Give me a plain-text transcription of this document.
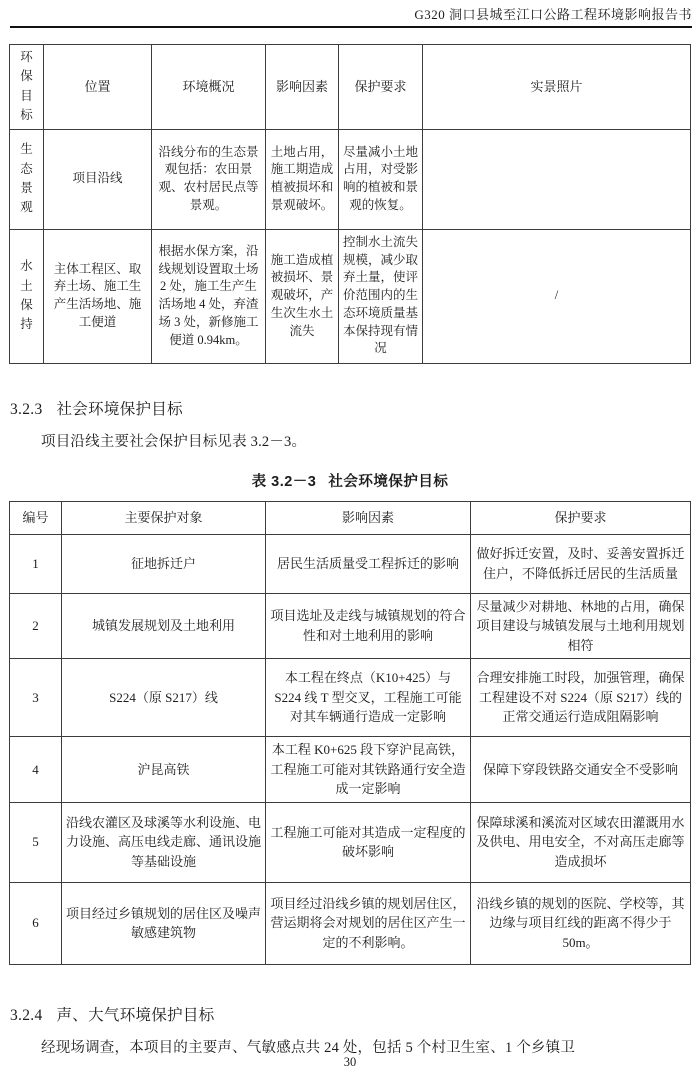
G320 洞口县城至江口公路工程环境影响报告书
环保目标	位置	环境概况	影响因素	保护要求	实景照片
生态景观	项目沿线	沿线分布的生态景观包括：农田景观、农村居民点等景观。	土地占用，施工期造成植被损坏和景观破坏。	尽量减小土地占用，对受影响的植被和景观的恢复。	
水土保持	主体工程区、取弃土场、施工生产生活场地、施工便道	根据水保方案，沿线规划设置取土场 2 处，施工生产生活场地 4 处，弃渣场 3 处，新修施工便道 0.94km。	施工造成植被损坏、景观破坏，产生次生水土流失	控制水土流失规模，减少取弃土量，使评价范围内的生态环境质量基本保持现有情况	/
3.2.3 社会环境保护目标

项目沿线主要社会保护目标见表 3.2－3。

表 3.2－3 社会环境保护目标
编号	主要保护对象	影响因素	保护要求
1	征地拆迁户	居民生活质量受工程拆迁的影响	做好拆迁安置，及时、妥善安置拆迁住户，不降低拆迁居民的生活质量
2	城镇发展规划及土地利用	项目选址及走线与城镇规划的符合性和对土地利用的影响	尽量减少对耕地、林地的占用，确保项目建设与城镇发展与土地利用规划相符
3	S224（原 S217）线	本工程在终点（K10+425）与 S224 线 T 型交叉，工程施工可能对其车辆通行造成一定影响	合理安排施工时段，加强管理，确保工程建设不对 S224（原 S217）线的正常交通运行造成阻隔影响
4	沪昆高铁	本工程 K0+625 段下穿沪昆高铁，工程施工可能对其铁路通行安全造成一定影响	保障下穿段铁路交通安全不受影响
5	沿线农灌区及球溪等水利设施、电力设施、高压电线走廊、通讯设施等基础设施	工程施工可能对其造成一定程度的破坏影响	保障球溪和溪流对区域农田灌溉用水及供电、用电安全，不对高压走廊等造成损坏
6	项目经过乡镇规划的居住区及噪声敏感建筑物	项目经过沿线乡镇的规划居住区，营运期将会对规划的居住区产生一定的不利影响。	沿线乡镇的规划的医院、学校等，其边缘与项目红线的距离不得少于 50m。
3.2.4 声、大气环境保护目标

经现场调查，本项目的主要声、气敏感点共 24 处，包括 5 个村卫生室、1 个乡镇卫

30
